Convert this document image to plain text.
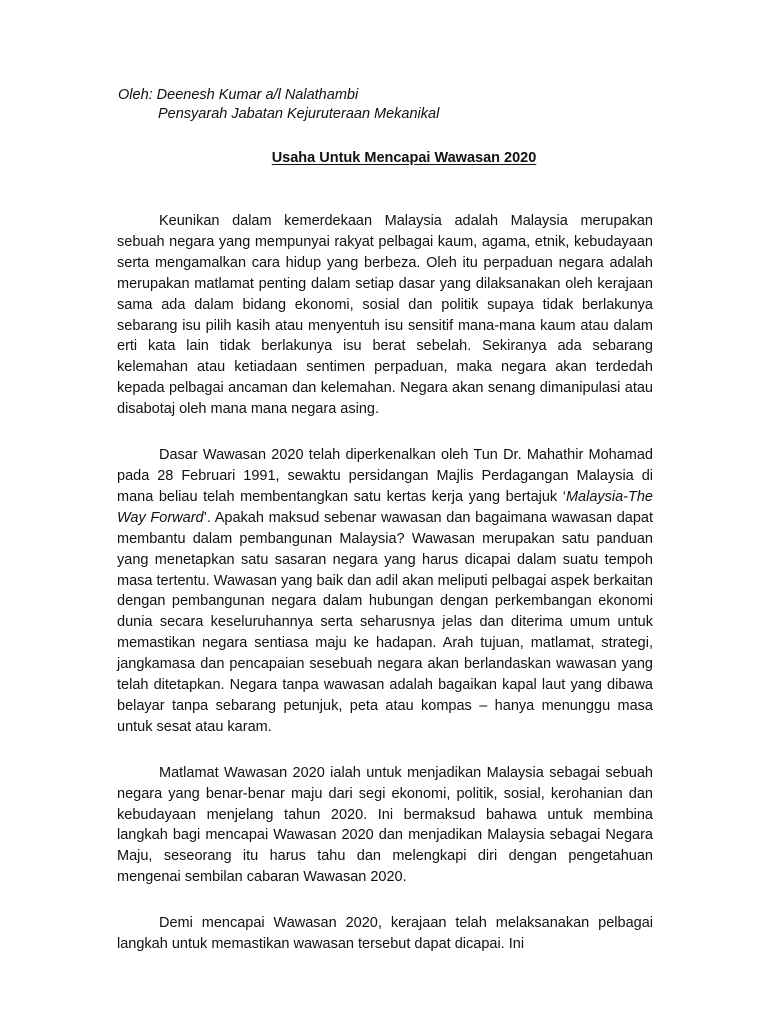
Oleh: Deenesh Kumar a/l Nalathambi
Pensyarah Jabatan Kejuruteraan Mekanikal
Usaha Untuk Mencapai Wawasan 2020

Keunikan dalam kemerdekaan Malaysia adalah Malaysia merupakan sebuah negara yang mempunyai rakyat pelbagai kaum, agama, etnik, kebudayaan serta mengamalkan cara hidup yang berbeza. Oleh itu perpaduan negara adalah merupakan matlamat penting dalam setiap dasar yang dilaksanakan oleh kerajaan sama ada dalam bidang ekonomi, sosial dan politik supaya tidak berlakunya sebarang isu pilih kasih atau menyentuh isu sensitif mana-mana kaum atau dalam erti kata lain tidak berlakunya isu berat sebelah. Sekiranya ada sebarang kelemahan atau ketiadaan sentimen perpaduan, maka negara akan terdedah kepada pelbagai ancaman dan kelemahan. Negara akan senang dimanipulasi atau disabotaj oleh mana mana negara asing.

Dasar Wawasan 2020 telah diperkenalkan oleh Tun Dr. Mahathir Mohamad pada 28 Februari 1991, sewaktu persidangan Majlis Perdagangan Malaysia di mana beliau telah membentangkan satu kertas kerja yang bertajuk ‘Malaysia-The Way Forward’. Apakah maksud sebenar wawasan dan bagaimana wawasan dapat membantu dalam pembangunan Malaysia? Wawasan merupakan satu panduan yang menetapkan satu sasaran negara yang harus dicapai dalam suatu tempoh masa tertentu. Wawasan yang baik dan adil akan meliputi pelbagai aspek berkaitan dengan pembangunan negara dalam hubungan dengan perkembangan ekonomi dunia secara keseluruhannya serta seharusnya jelas dan diterima umum untuk memastikan negara sentiasa maju ke hadapan. Arah tujuan, matlamat, strategi, jangkamasa dan pencapaian sesebuah negara akan berlandaskan wawasan yang telah ditetapkan. Negara tanpa wawasan adalah bagaikan kapal laut yang dibawa belayar tanpa sebarang petunjuk, peta atau kompas – hanya menunggu masa untuk sesat atau karam.

Matlamat Wawasan 2020 ialah untuk menjadikan Malaysia sebagai sebuah negara yang benar-benar maju dari segi ekonomi, politik, sosial, kerohanian dan kebudayaan menjelang tahun 2020. Ini bermaksud bahawa untuk membina langkah bagi mencapai Wawasan 2020 dan menjadikan Malaysia sebagai Negara Maju, seseorang itu harus tahu dan melengkapi diri dengan pengetahuan mengenai sembilan cabaran Wawasan 2020.

Demi mencapai Wawasan 2020, kerajaan telah melaksanakan pelbagai langkah untuk memastikan wawasan tersebut dapat dicapai. Ini
